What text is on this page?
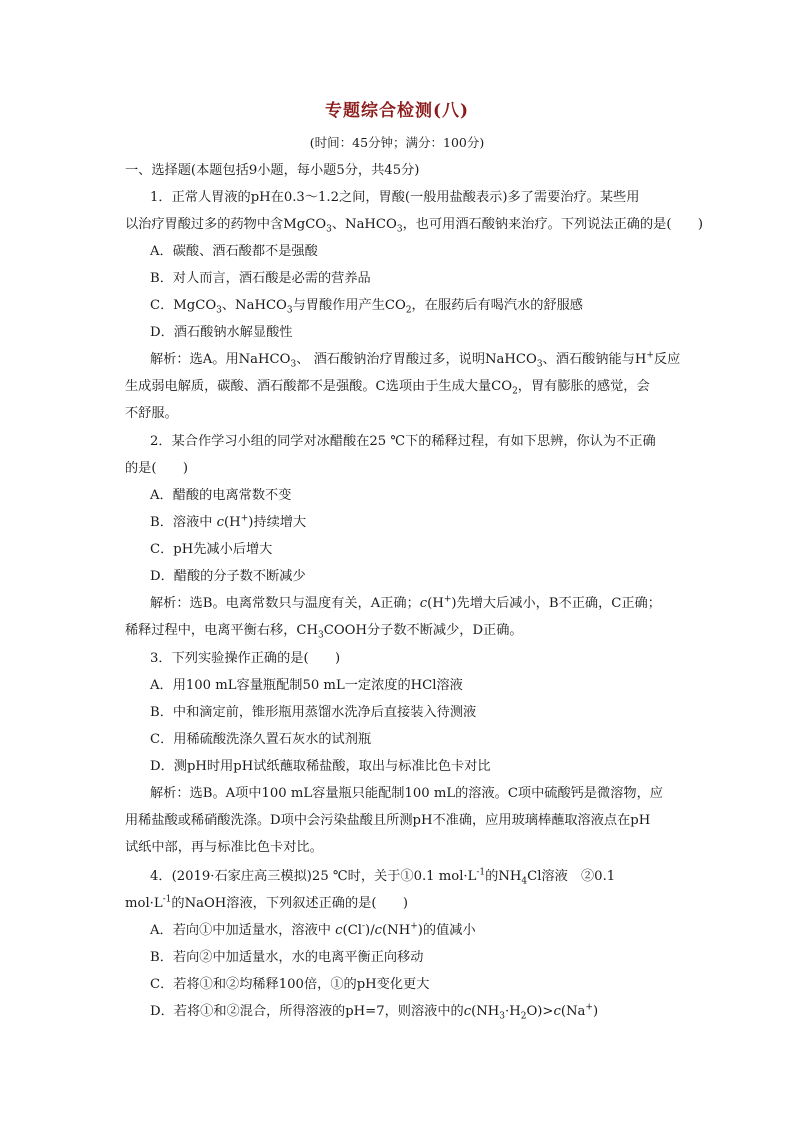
专题综合检测(八)
(时间：45分钟；满分：100分)
一、选择题(本题包括9小题，每小题5分，共45分)
1．正常人胃液的pH在0.3～1.2之间，胃酸(一般用盐酸表示)多了需要治疗。某些用
以治疗胃酸过多的药物中含MgCO$_3$、NaHCO$_3$，也可用酒石酸钠来治疗。下列说法正确的是(　　)
A．碳酸、酒石酸都不是强酸
B．对人而言，酒石酸是必需的营养品
C．MgCO$_3$、NaHCO$_3$与胃酸作用产生$CO_2$，在服药后有喝汽水的舒服感
D．酒石酸钠水解显酸性
解析：选A。用NaHCO$_3$、 酒石酸钠治疗胃酸过多，说明NaHCO$_3$、酒石酸钠能与H+反应
生成弱电解质，碳酸、酒石酸都不是强酸。C选项由于生成大量$CO_2$，胃有膨胀的感觉，会
不舒服。
2．某合作学习小组的同学对冰醋酸在25 ℃下的稀释过程，有如下思辨，你认为不正确
的是(　　)
A．醋酸的电离常数不变
B．溶液中 c(H+)持续增大
C．pH先减小后增大
D．醋酸的分子数不断减少
解析：选B。电离常数只与温度有关，A正确；c(H+)先增大后减小，B不正确，C正确；
稀释过程中，电离平衡右移，$CH_3COOH$分子数不断减少，D正确。
3．下列实验操作正确的是(　　)
A．用100 mL容量瓶配制50 mL一定浓度的HCl溶液
B．中和滴定前，锥形瓶用蒸馏水洗净后直接装入待测液
C．用稀硫酸洗涤久置石灰水的试剂瓶
D．测pH时用pH试纸蘸取稀盐酸，取出与标准比色卡对比
解析：选B。A项中100 mL容量瓶只能配制100 mL的溶液。C项中硫酸钙是微溶物，应
用稀盐酸或稀硝酸洗涤。D项中会污染盐酸且所测pH不准确，应用玻璃棒蘸取溶液点在pH
试纸中部，再与标准比色卡对比。
4．(2019·石家庄高三模拟)25 ℃时，关于①0.1 $mol\cdot L^{-1}$的$NH_4Cl$溶液　②0.1
$mol\cdot L^{-1}$的NaOH溶液，下列叙述正确的是(　　)
A．若向①中加适量水，溶液中 c(Cl-)/c(NH+)的值减小
B．若向②中加适量水，水的电离平衡正向移动
C．若将①和②均稀释100倍，①的pH变化更大
D．若将①和②混合，所得溶液的pH=7，则溶液中的$c(NH_3\cdot H_2O)>c(Na^+)$
